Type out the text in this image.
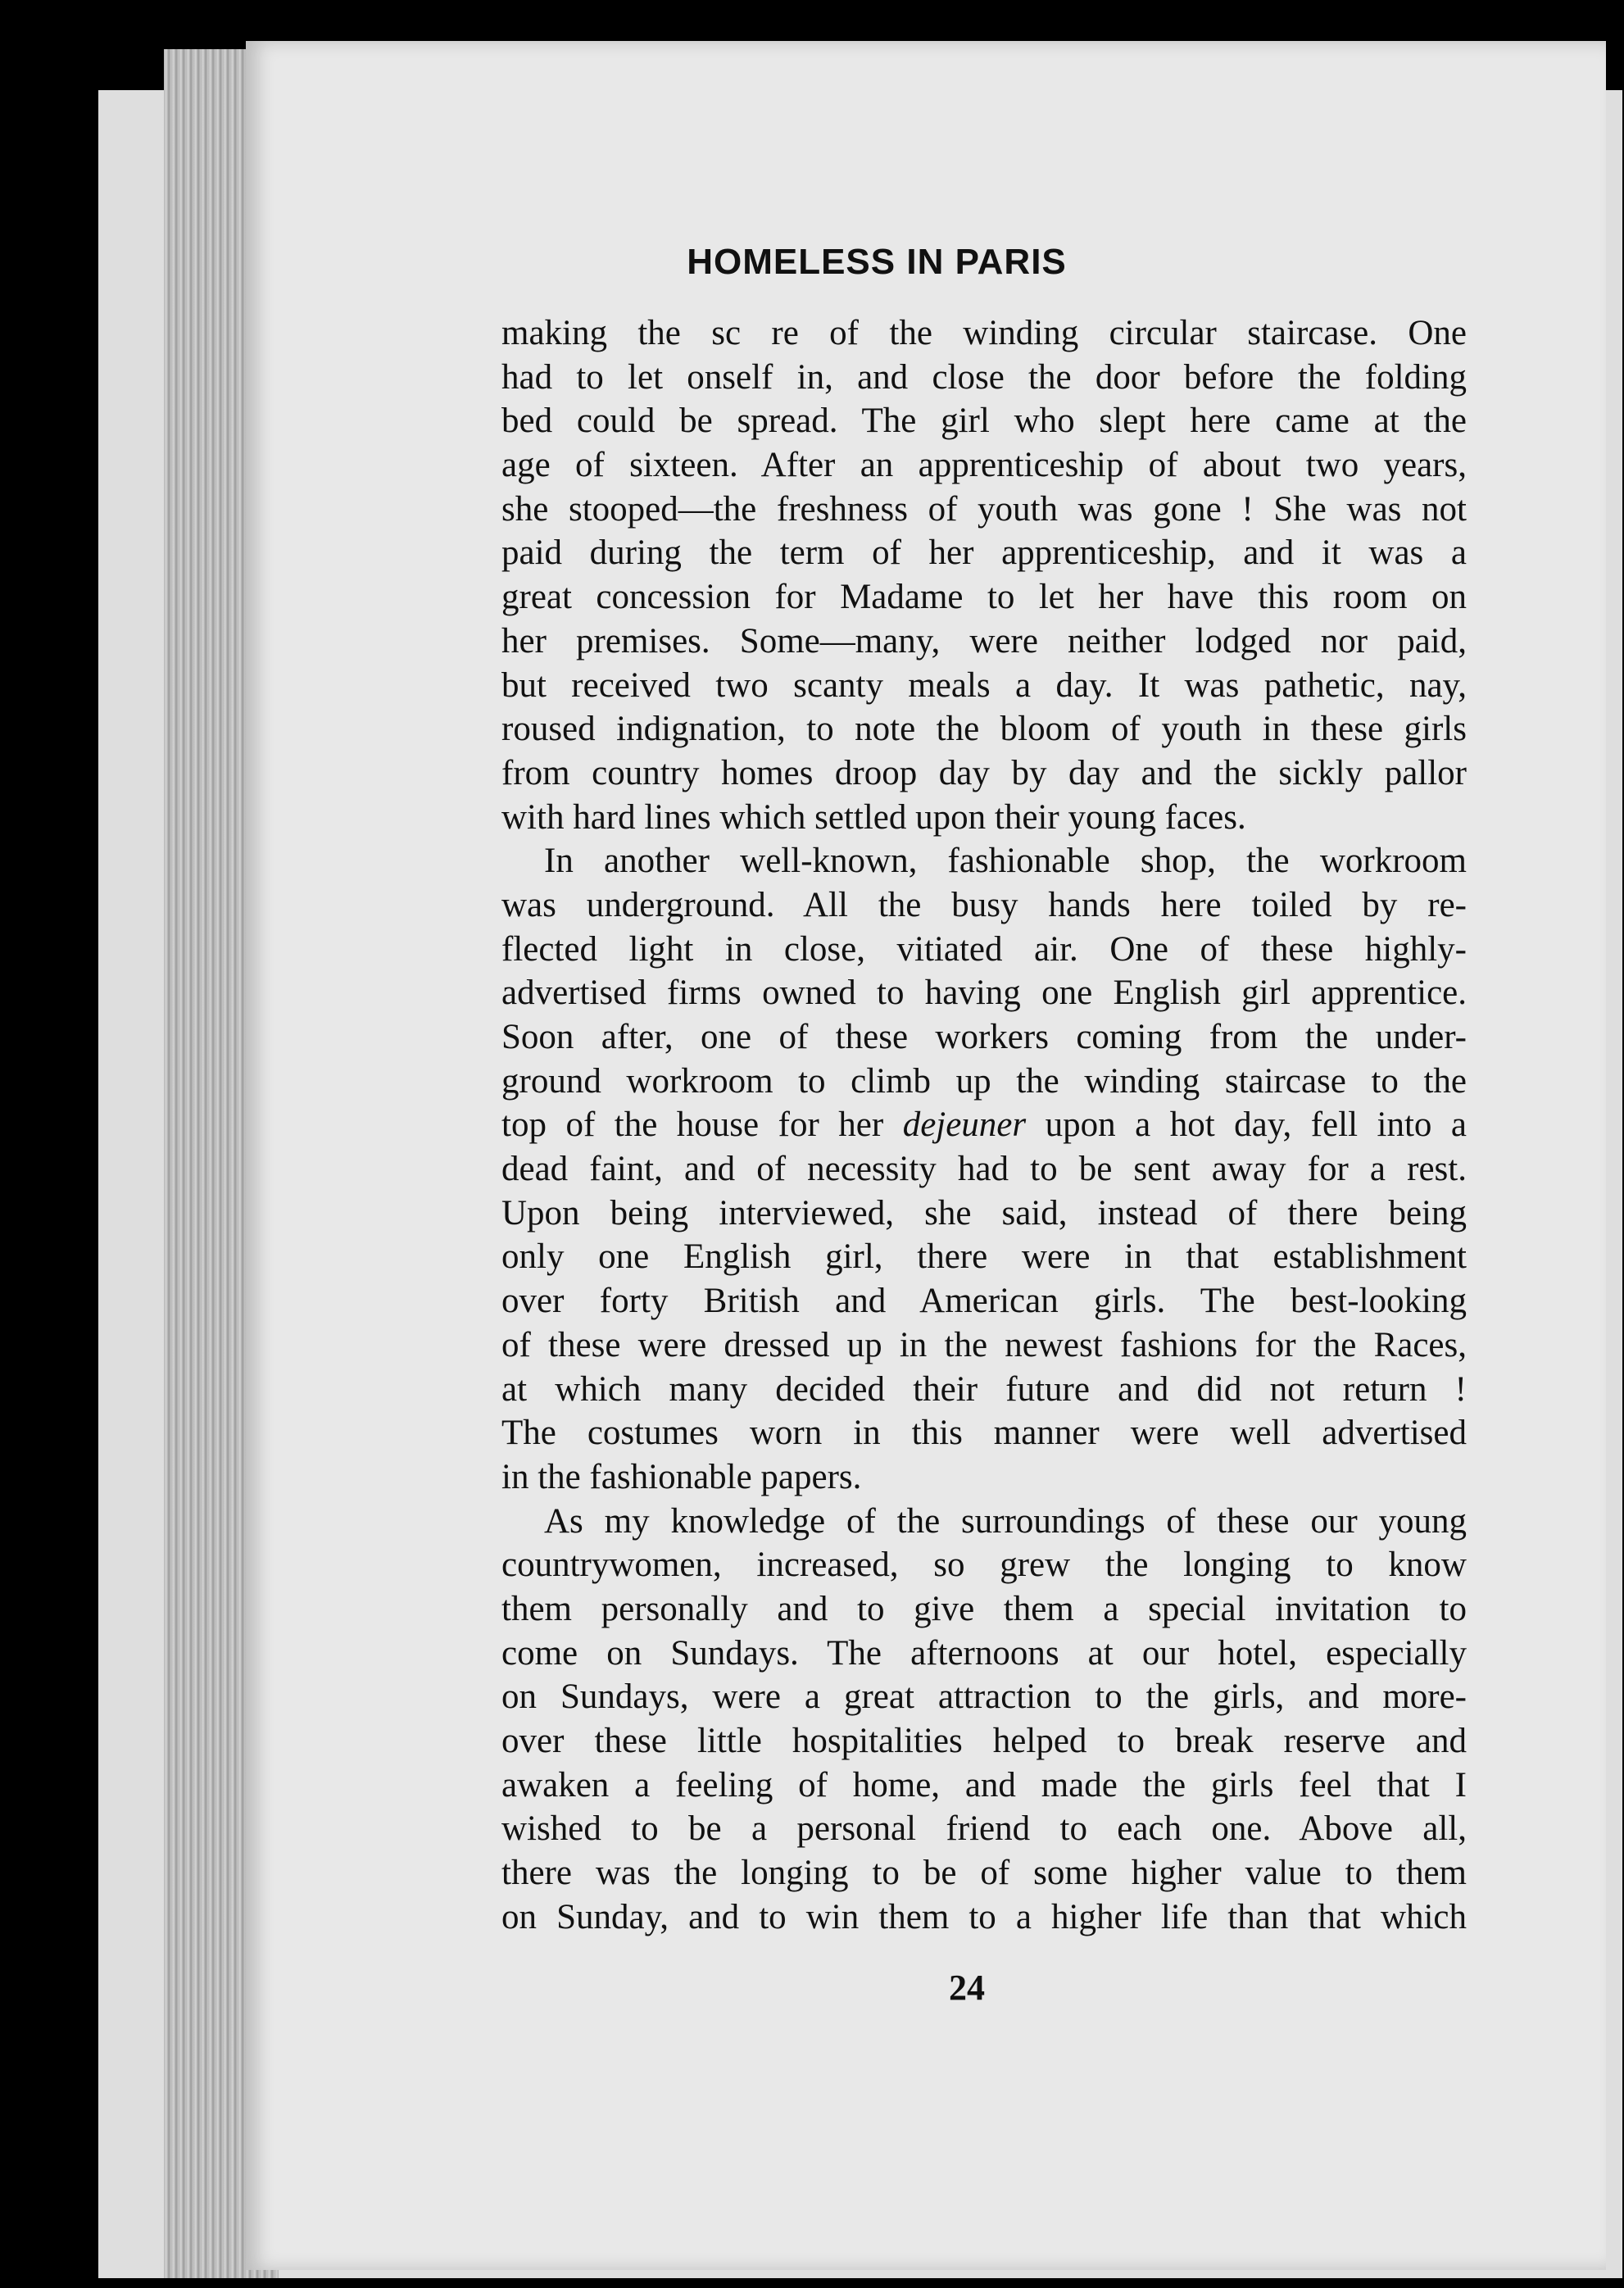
HOMELESS IN PARIS
making the sc re of the winding circular staircase. One
had to let onself in, and close the door before the folding
bed could be spread. The girl who slept here came at the
age of sixteen. After an apprenticeship of about two years,
she stooped—the freshness of youth was gone ! She was not
paid during the term of her apprenticeship, and it was a
great concession for Madame to let her have this room on
her premises. Some—many, were neither lodged nor paid,
but received two scanty meals a day. It was pathetic, nay,
roused indignation, to note the bloom of youth in these girls
from country homes droop day by day and the sickly pallor
with hard lines which settled upon their young faces.
In another well-known, fashionable shop, the workroom
was underground. All the busy hands here toiled by re-
flected light in close, vitiated air. One of these highly-
advertised firms owned to having one English girl apprentice.
Soon after, one of these workers coming from the under-
ground workroom to climb up the winding staircase to the
top of the house for her dejeuner upon a hot day, fell into a
dead faint, and of necessity had to be sent away for a rest.
Upon being interviewed, she said, instead of there being
only one English girl, there were in that establishment
over forty British and American girls. The best-looking
of these were dressed up in the newest fashions for the Races,
at which many decided their future and did not return !
The costumes worn in this manner were well advertised
in the fashionable papers.
As my knowledge of the surroundings of these our young
countrywomen, increased, so grew the longing to know
them personally and to give them a special invitation to
come on Sundays. The afternoons at our hotel, especially
on Sundays, were a great attraction to the girls, and more-
over these little hospitalities helped to break reserve and
awaken a feeling of home, and made the girls feel that I
wished to be a personal friend to each one. Above all,
there was the longing to be of some higher value to them
on Sunday, and to win them to a higher life than that which
24
